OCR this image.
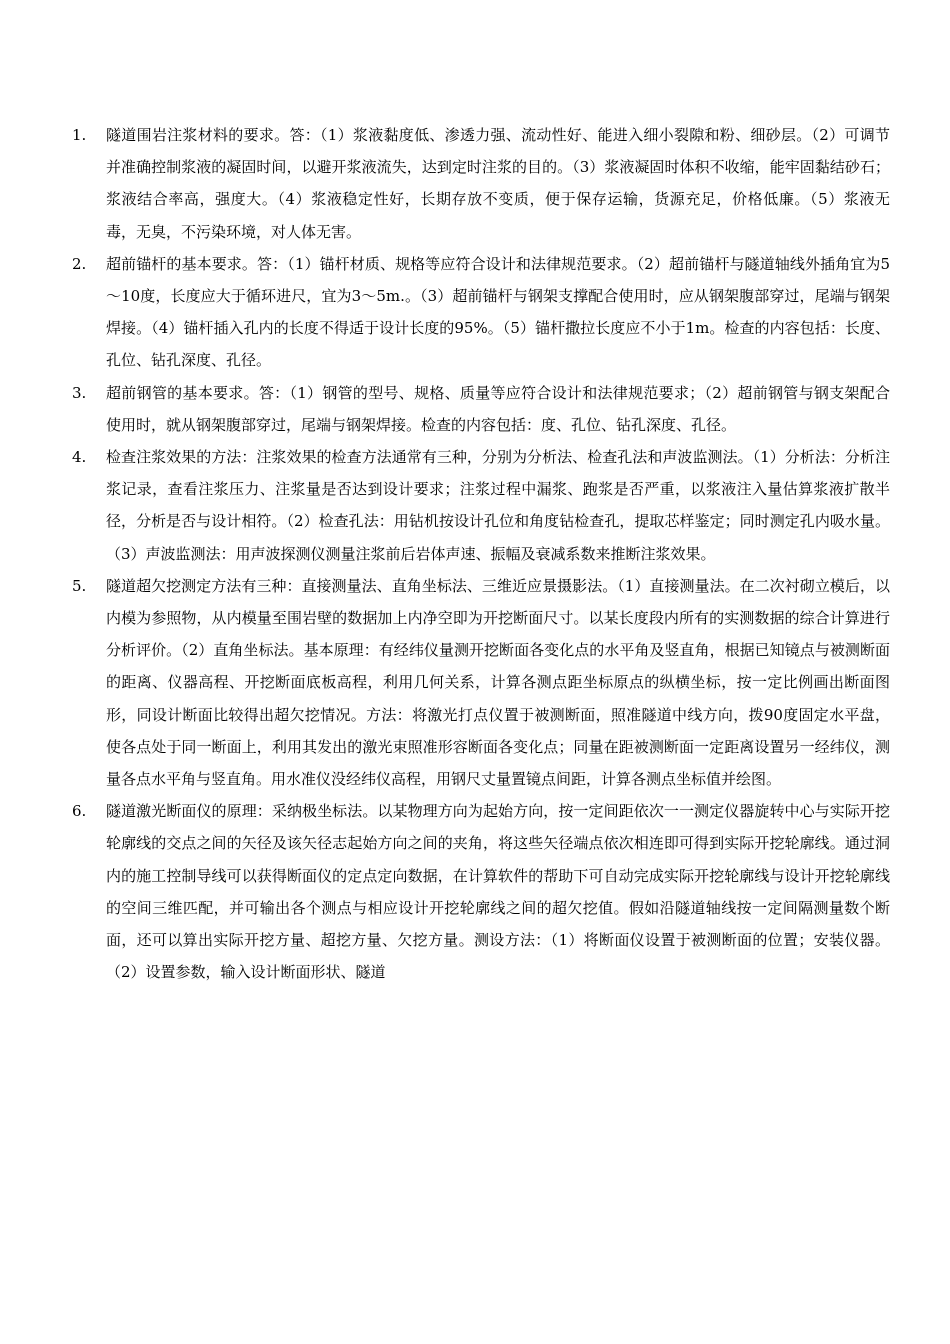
1. 隧道围岩注浆材料的要求。答：（1）浆液黏度低、渗透力强、流动性好、能进入细小裂隙和粉、细砂层。（2）可调节并准确控制浆液的凝固时间，以避开浆液流失，达到定时注浆的目的。（3）浆液凝固时体积不收缩，能牢固黏结砂石；浆液结合率高，强度大。（4）浆液稳定性好，长期存放不变质，便于保存运输，货源充足，价格低廉。（5）浆液无毒，无臭，不污染环境，对人体无害。
2. 超前锚杆的基本要求。答：（1）锚杆材质、规格等应符合设计和法律规范要求。（2）超前锚杆与隧道轴线外插角宜为5～10度，长度应大于循环进尺，宜为3～5m.。（3）超前锚杆与钢架支撑配合使用时，应从钢架腹部穿过，尾端与钢架焊接。（4）锚杆插入孔内的长度不得适于设计长度的95%。（5）锚杆撒拉长度应不小于1m。检查的内容包括：长度、孔位、钻孔深度、孔径。
3. 超前钢管的基本要求。答：（1）钢管的型号、规格、质量等应符合设计和法律规范要求；（2）超前钢管与钢支架配合使用时，就从钢架腹部穿过，尾端与钢架焊接。检查的内容包括：度、孔位、钻孔深度、孔径。
4. 检查注浆效果的方法：注浆效果的检查方法通常有三种，分别为分析法、检查孔法和声波监测法。（1）分析法：分析注浆记录，查看注浆压力、注浆量是否达到设计要求；注浆过程中漏浆、跑浆是否严重，以浆液注入量估算浆液扩散半径，分析是否与设计相符。（2）检查孔法：用钻机按设计孔位和角度钻检查孔，提取芯样鉴定；同时测定孔内吸水量。（3）声波监测法：用声波探测仪测量注浆前后岩体声速、振幅及衰减系数来推断注浆效果。
5. 隧道超欠挖测定方法有三种：直接测量法、直角坐标法、三维近应景摄影法。（1）直接测量法。在二次衬砌立模后，以内模为参照物，从内模量至围岩壁的数据加上内净空即为开挖断面尺寸。以某长度段内所有的实测数据的综合计算进行分析评价。（2）直角坐标法。基本原理：有经纬仪量测开挖断面各变化点的水平角及竖直角，根据已知镜点与被测断面的距离、仪器高程、开挖断面底板高程，利用几何关系，计算各测点距坐标原点的纵横坐标，按一定比例画出断面图形，同设计断面比较得出超欠挖情况。方法：将激光打点仪置于被测断面，照准隧道中线方向，拨90度固定水平盘，使各点处于同一断面上，利用其发出的激光束照准形容断面各变化点；同量在距被测断面一定距离设置另一经纬仪，测量各点水平角与竖直角。用水准仪没经纬仪高程，用钢尺丈量置镜点间距，计算各测点坐标值并绘图。
6. 隧道激光断面仪的原理：采纳极坐标法。以某物理方向为起始方向，按一定间距依次一一测定仪器旋转中心与实际开挖轮廓线的交点之间的矢径及该矢径志起始方向之间的夹角，将这些矢径端点依次相连即可得到实际开挖轮廓线。通过洞内的施工控制导线可以获得断面仪的定点定向数据，在计算软件的帮助下可自动完成实际开挖轮廓线与设计开挖轮廓线的空间三维匹配，并可输出各个测点与相应设计开挖轮廓线之间的超欠挖值。假如沿隧道轴线按一定间隔测量数个断面，还可以算出实际开挖方量、超挖方量、欠挖方量。测设方法：（1）将断面仪设置于被测断面的位置；安装仪器。（2）设置参数，输入设计断面形状、隧道
